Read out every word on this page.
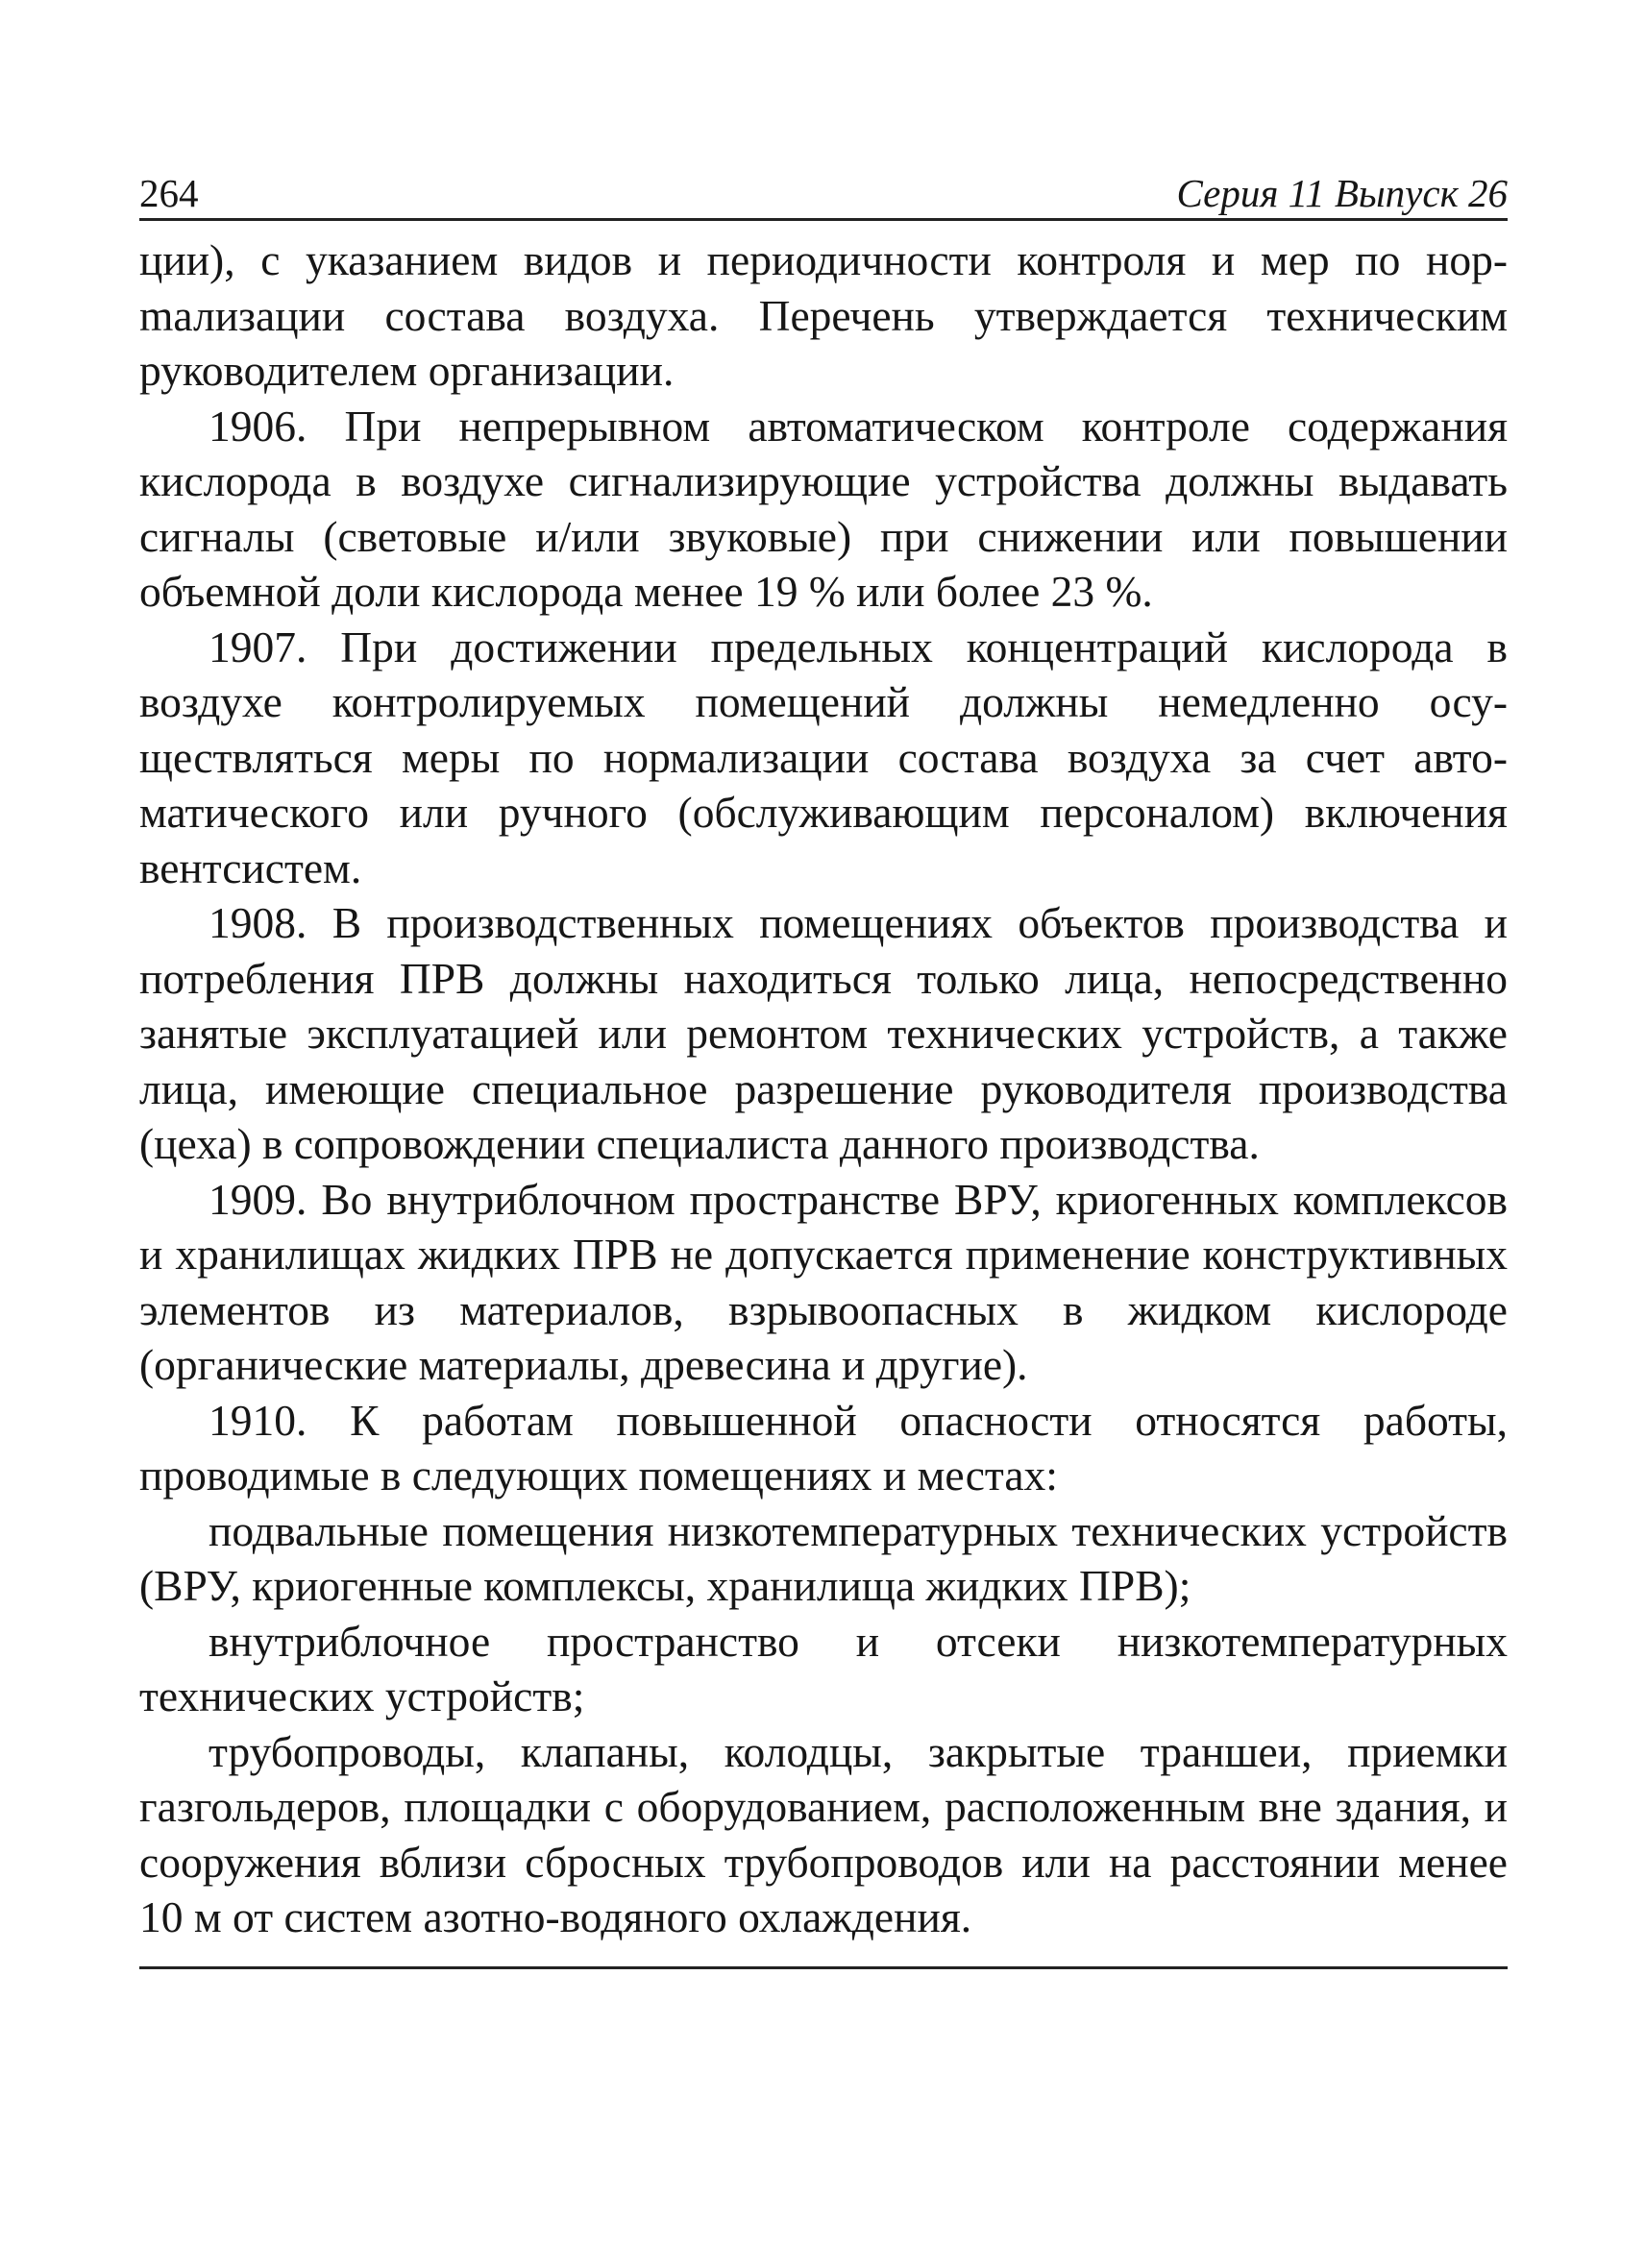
264	Серия 11 Выпуск 26

ции), с указанием видов и периодичности контроля и мер по норmализации состава воздуха. Перечень утверждается техническим руководителем организации.

1906. При непрерывном автоматическом контроле содержания кислорода в воздухе сигнализирующие устройства должны выдавать сигналы (световые и/или звуковые) при снижении или повышении объемной доли кислорода менее 19 % или более 23 %.

1907. При достижении предельных концентраций кислорода в воздухе контролируемых помещений должны немедленно осуществляться меры по нормализации состава воздуха за счет автоматического или ручного (обслуживающим персоналом) включения вентсистем.

1908. В производственных помещениях объектов производства и потребления ПРВ должны находиться только лица, непосредственно занятые эксплуатацией или ремонтом технических устройств, а также лица, имеющие специальное разрешение руководителя производства (цеха) в сопровождении специалиста данного производства.

1909. Во внутриблочном пространстве ВРУ, криогенных комплексов и хранилищах жидких ПРВ не допускается применение конструктивных элементов из материалов, взрывоопасных в жидком кислороде (органические материалы, древесина и другие).

1910. К работам повышенной опасности относятся работы, проводимые в следующих помещениях и местах:

подвальные помещения низкотемпературных технических устройств (ВРУ, криогенные комплексы, хранилища жидких ПРВ);

внутриблочное пространство и отсеки низкотемпературных технических устройств;

трубопроводы, клапаны, колодцы, закрытые траншеи, приемки газгольдеров, площадки с оборудованием, расположенным вне здания, и сооружения вблизи сбросных трубопроводов или на расстоянии менее 10 м от систем азотно-водяного охлаждения.
